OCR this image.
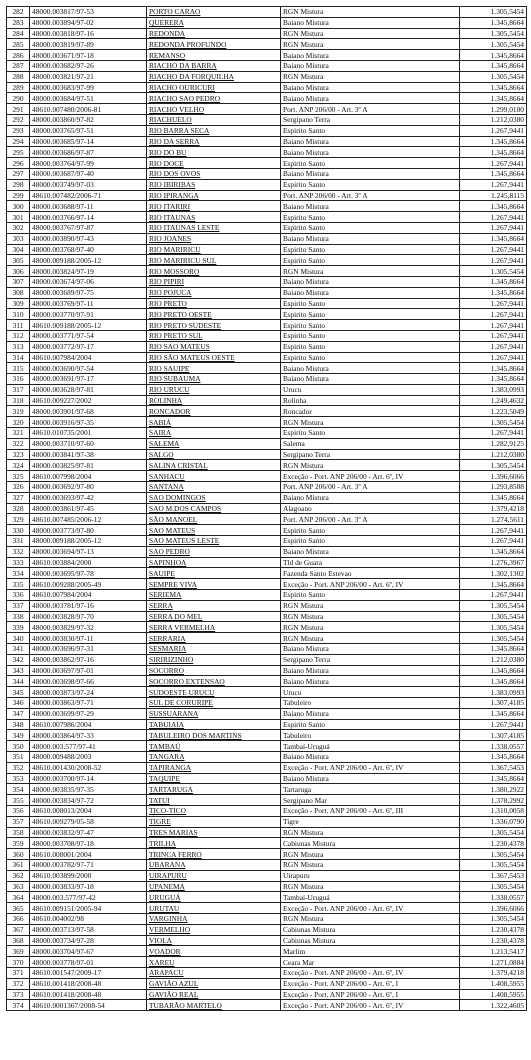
282	48000.003817/97-53	PORTO CARAO	RGN Mistura	1.305,5454
283	48000.003894/97-02	QUERERA	Baiano Mistura	1.345,8664
284	48000.003818/97-16	REDONDA	RGN Mistura	1.305,5454
285	48000.003819/97-89	REDONDA PROFUNDO	RGN Mistura	1.305,5454
286	48000.003671/97-18	REMANSO	Baiano Mistura	1.345,8664
287	48000.003682/97-26	RIACHO DA BARRA	Baiano Mistura	1.345,8664
288	48000.003821/97-21	RIACHO DA FORQUILHA	RGN Mistura	1.305,5454
289	48000.003683/97-99	RIACHO OURICURI	Baiano Mistura	1.345,8664
290	48000.003684/97-51	RIACHO SAO PEDRO	Baiano Mistura	1.345,8664
291	48610.007480/2006-81	RIACHO VELHO	Port. ANP 206/00 - Art. 3º A	1.299,0180
292	48000.003860/97-82	RIACHUELO	Sergipano Terra	1.212,0380
293	48000.003765/97-51	RIO BARRA SECA	Espirito Santo	1.267,9441
294	48000.003685/97-14	RIO DA SERRA	Baiano Mistura	1.345,8664
295	48000.003686/97-87	RIO DO BU	Baiano Mistura	1.345,8664
296	48000.003764/97-99	RIO DOCE	Espirito Santo	1.267,9441
297	48000.003687/97-40	RIO DOS OVOS	Baiano Mistura	1.345,8664
298	48000.003749/97-03	RIO IBIRIBAS	Espirito Santo	1.267,9441
299	48610.007482/2006-71	RIO IPIRANGA	Port. ANP 206/00 - Art. 3º A	1.245,8115
300	48000.003688/97-11	RIO ITARIRI	Baiano Mistura	1.345,8664
301	48000.003766/97-14	RIO ITAUNAS	Espirito Santo	1.267,9441
302	48000.003767/97-87	RIO ITAUNAS LESTE	Espirito Santo	1.267,9441
303	48000.003890/97-43	RIO JOANES	Baiano Mistura	1.345,8664
304	48000.003768/97-40	RIO MARIRICU	Espirito Santo	1.267,9441
305	48000.009188/2005-12	RIO MARIRICU SUL	Espirito Santo	1.267,9441
306	48000.003824/97-19	RIO MOSSORO	RGN Mistura	1.305,5454
307	48000.003674/97-06	RIO PIPIRI	Baiano Mistura	1.345,8664
308	48000.003689/97-75	RIO POJUCA	Baiano Mistura	1.345,8664
309	48000.003769/97-11	RIO PRETO	Espirito Santo	1.267,9441
310	48000.003770/97-91	RIO PRETO OESTE	Espirito Santo	1.267,9441
311	48610.009188/2005-12	RIO PRETO SUDESTE	Espirito Santo	1.267,9441
312	48000.003771/97-54	RIO PRETO SUL	Espirito Santo	1.267,9441
313	48000.003772/97-17	RIO SAO MATEUS	Espirito Santo	1.267,9441
314	48610.007984/2004	RIO SÃO MATEUS OESTE	Espirito Santo	1.267,9441
315	48000.003690/97-54	RIO SAUIPE	Baiano Mistura	1.345,8664
316	48000.003691/97-17	RIO SUBAUMA	Baiano Mistura	1.345,8664
317	48000.003628/97-81	RIO URUCU	Urucu	1.383,0993
318	48610.009227/2002	ROLINHA	Rolinha	1.249,4632
319	48000.003901/97-68	RONCADOR	Roncador	1.223,5049
320	48000.003916/97-35	SABIÁ	RGN Mistura	1.305,5454
321	48610.010735/2001	SAIRA	Espirito Santo	1.267,9441
322	48000.003710/97-60	SALEMA	Salema	1.282,9125
323	48000.003841/97-38	SALGO	Sergipano Terra	1.212,0380
324	48000.003825/97-81	SALINA CRISTAL	RGN Mistura	1.305,5454
325	48610.007998/2004	SANHACU	Exceção - Port. ANP 206/00 - Art. 6º, IV	1.396,6066
326	48000.003692/97-80	SANTANA	Port. ANP 206/00 - Art. 3º A	1.293,8588
327	48000.003693/97-42	SAO DOMINGOS	Baiano Mistura	1.345,8664
328	48000.003861/97-45	SAO M.DOS CAMPOS	Alagoano	1.379,4218
329	48610.007485/2006-12	SÃO MANOEL	Port. ANP 206/00 - Art. 3º A	1.274,5611
330	48000.003773/97-80	SAO MATEUS	Espirito Santo	1.267,9441
331	48000.009188/2005-12	SAO MATEUS LESTE	Espirito Santo	1.267,9441
332	48000.003694/97-13	SAO PEDRO	Baiano Mistura	1.345,8664
333	48610.003884/2000	SAPINHOA	Tld de Guara	1.276,3967
334	48000.003695/97-78	SAUIPE	Fazenda Santo Estevao	1.302,1302
335	48610.009288/2005-49	SEMPRE VIVA	Exceção - Port. ANP 206/00 - Art. 6º, IV	1.345,8664
336	48610.007984/2004	SERIEMA	Espirito Santo	1.267,9441
337	48000.003781/97-16	SERRA	RGN Mistura	1.305,5454
338	48000.003828/97-70	SERRA DO MEL	RGN Mistura	1.305,5454
339	48000.003829/97-32	SERRA VERMELHA	RGN Mistura	1.305,5454
340	48000.003830/97-11	SERRARIA	RGN Mistura	1.305,5454
341	48000.003696/97-31	SESMARIA	Baiano Mistura	1.345,8664
342	48000.003862/97-16	SIRIRIZINHO	Sergipano Terra	1.212,0380
343	48000.003697/97-01	SOCORRO	Baiano Mistura	1.345,8664
344	48000.003698/97-66	SOCORRO EXTENSAO	Baiano Mistura	1.345,8664
345	48000.003873/97-24	SUDOESTE URUCU	Urucu	1.383,0993
346	48000.003863/97-71	SUL DE CORURIPE	Tabuleiro	1.307,4185
347	48000.003699/97-29	SUSSUARANA	Baiano Mistura	1.345,8664
348	48610.007986/2004	TABUIAIA	Espirito Santo	1.267,9441
349	48000.003864/97-33	TABULEIRO DOS MARTINS	Tabuleiro	1.307,4185
350	48000.003.577/97-41	TAMBAÚ	Tambaí-Uruguá	1.338,0557
351	48000.009488/2003	TANGARA	Baiano Mistura	1.345,8664
352	48610.001430/2008-52	TAPIRANGA	Exceção - Port. ANP 206/00 - Art. 6º, IV	1.367,5453
353	48000.003700/97-14	TAQUIPE	Baiano Mistura	1.345,8664
354	48000.003835/97-35	TARTARUGA	Tartaruga	1.380,2922
355	48000.003834/97-72	TATUI	Sergipano Mar	1.378,2992
356	48610.008013/2004	TICO-TICO	Exceção - Port. ANP 206/00 - Art. 6º, III	1.310,0058
357	48610.009279/05-58	TIGRE	Tigre	1.336,0790
358	48000.003832/97-47	TRES MARIAS	RGN Mistura	1.305,5454
359	48000.003708/97-18	TRILHA	Cabiunas Mistura	1.230,4378
360	48610.008001/2004	TRINCA FERRO	RGN Mistura	1.305,5454
361	48000.003782/97-71	UBARANA	RGN Mistura	1.305,5454
362	48610.003899/2000	UIRAPURU	Uirapuru	1.367,5453
363	48000.003833/97-18	UPANEMA	RGN Mistura	1.305,5454
364	48000.003.577/97-42	URUGUÁ	Tambaí-Uruguá	1.338,0557
365	48610.009151/2005-94	URUTAU	Exceção - Port. ANP 206/00 - Art. 6º, IV	1.396,6066
366	48610.004002/98	VARGINHA	RGN Mistura	1.305,5454
367	48000.003713/97-58	VERMELHO	Cabiunas Mistura	1.230,4378
368	48000.003734/97-28	VIOLA	Cabiunas Mistura	1.230,4378
369	48000.003704/97-67	VOADOR	Marlim	1.213,5417
370	48000.003778/97-01	XAREU	Ceara Mar	1.271,0884
371	48610.001547/2009-17	ARAPACU	Exceção - Port. ANP 206/00 - Art. 6º, IV	1.379,4218
372	48610.001418/2008-48	GAVIÃO AZUL	Exceção - Port. ANP 206/00 - Art. 6º, I	1.408,5955
373	48610.001418/2008-48	GAVIÃO REAL	Exceção - Port. ANP 206/00 - Art. 6º, I	1.408,5955
374	48610.0001367/2008-54	TUBARÃO MARTELO	Exceção - Port. ANP 206/00 - Art. 6º, IV	1.322,4605
